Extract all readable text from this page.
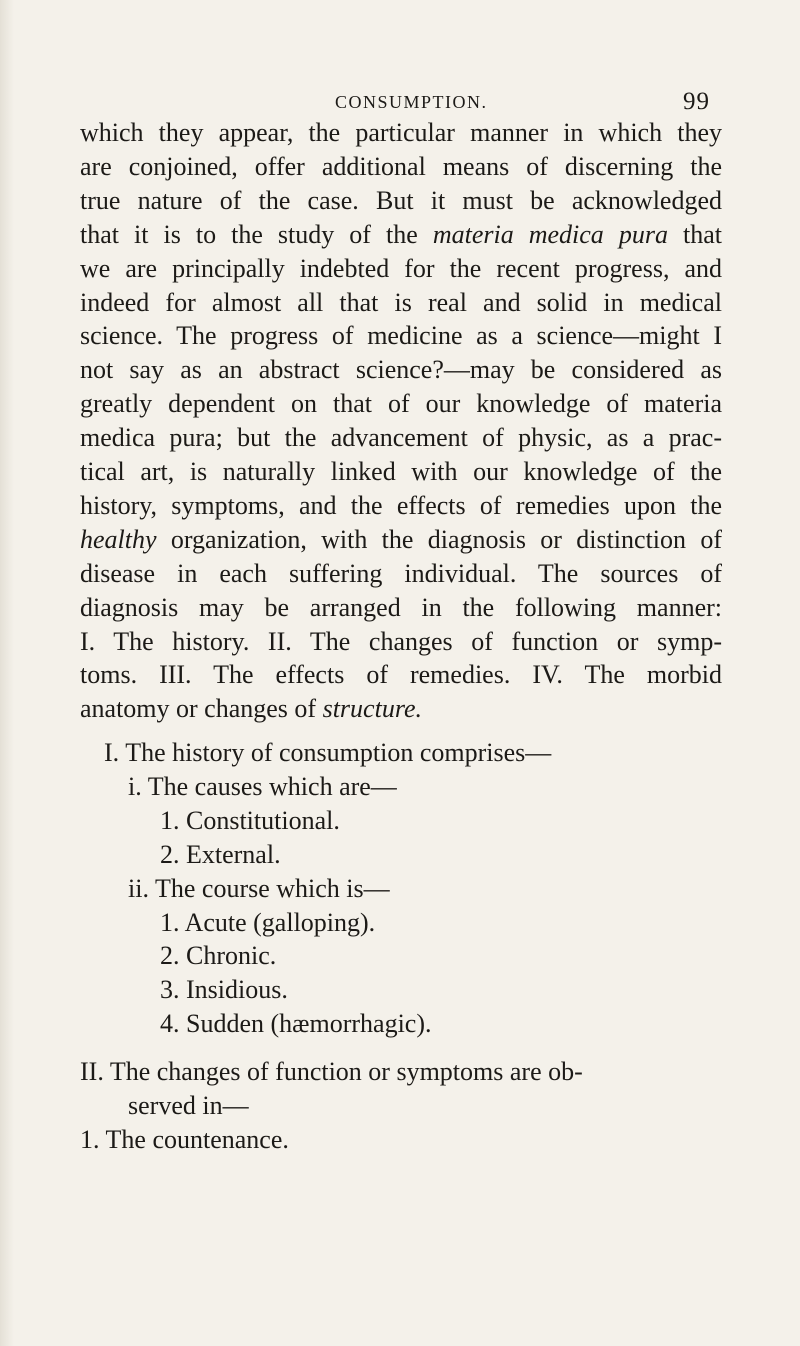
CONSUMPTION.	99
which they appear, the particular manner in which they
are conjoined, offer additional means of discerning the
true nature of the case. But it must be acknowledged
that it is to the study of the materia medica pura that
we are principally indebted for the recent progress, and
indeed for almost all that is real and solid in medical
science. The progress of medicine as a science—might I
not say as an abstract science?—may be considered as
greatly dependent on that of our knowledge of materia
medica pura; but the advancement of physic, as a prac-
tical art, is naturally linked with our knowledge of the
history, symptoms, and the effects of remedies upon the
healthy organization, with the diagnosis or distinction of
disease in each suffering individual. The sources of
diagnosis may be arranged in the following manner:
I. The history. II. The changes of function or symp-
toms. III. The effects of remedies. IV. The morbid
anatomy or changes of structure.
I. The history of consumption comprises—
i. The causes which are—
1. Constitutional.
2. External.
ii. The course which is—
1. Acute (galloping).
2. Chronic.
3. Insidious.
4. Sudden (hæmorrhagic).
II. The changes of function or symptoms are ob-
served in—
1. The countenance.
